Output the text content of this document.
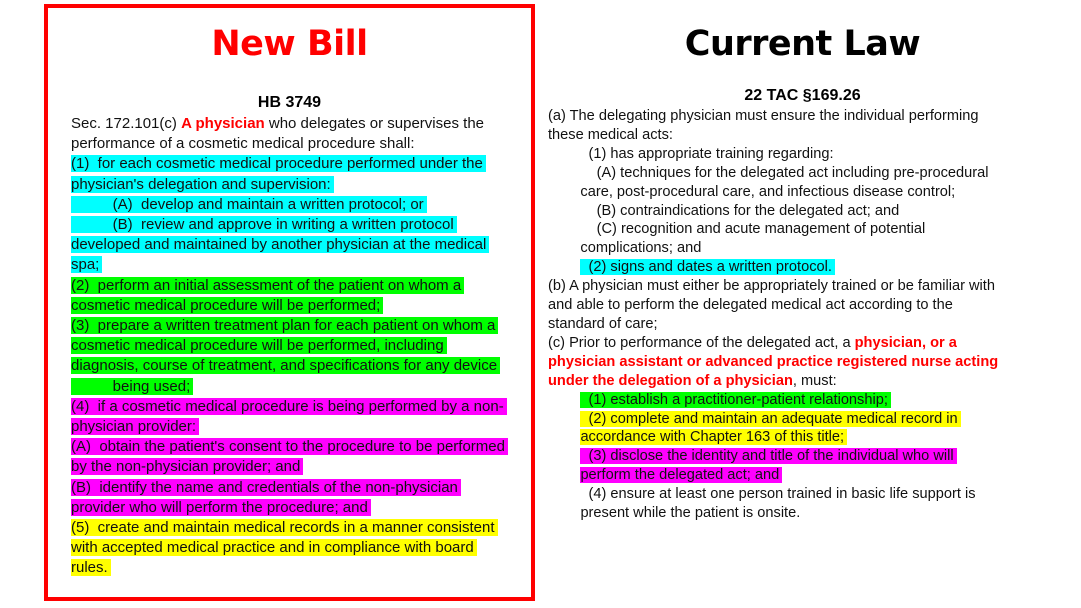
New Bill	Current Law
HB 3749	22 TAC §169.26
Sec. 172.101(c) A physician who delegates or supervises the
performance of a cosmetic medical procedure shall:
(1)  for each cosmetic medical procedure performed under the
physician's delegation and supervision:
(A)  develop and maintain a written protocol; or
(B)  review and approve in writing a written protocol
developed and maintained by another physician at the medical
spa;
(2)  perform an initial assessment of the patient on whom a
cosmetic medical procedure will be performed;
(3)  prepare a written treatment plan for each patient on whom a
cosmetic medical procedure will be performed, including
diagnosis, course of treatment, and specifications for any device
being used;
(4)  if a cosmetic medical procedure is being performed by a non-
physician provider:
(A)  obtain the patient's consent to the procedure to be performed
by the non-physician provider; and
(B)  identify the name and credentials of the non-physician
provider who will perform the procedure; and
(5)  create and maintain medical records in a manner consistent
with accepted medical practice and in compliance with board
rules.
(a) The delegating physician must ensure the individual performing
these medical acts:
(1) has appropriate training regarding:
(A) techniques for the delegated act including pre-procedural
care, post-procedural care, and infectious disease control;
(B) contraindications for the delegated act; and
(C) recognition and acute management of potential
complications; and
(2) signs and dates a written protocol.
(b) A physician must either be appropriately trained or be familiar with
and able to perform the delegated medical act according to the
standard of care;
(c) Prior to performance of the delegated act, a physician, or a
physician assistant or advanced practice registered nurse acting
under the delegation of a physician, must:
(1) establish a practitioner-patient relationship;
(2) complete and maintain an adequate medical record in
accordance with Chapter 163 of this title;
(3) disclose the identity and title of the individual who will
perform the delegated act; and
(4) ensure at least one person trained in basic life support is
present while the patient is onsite.
